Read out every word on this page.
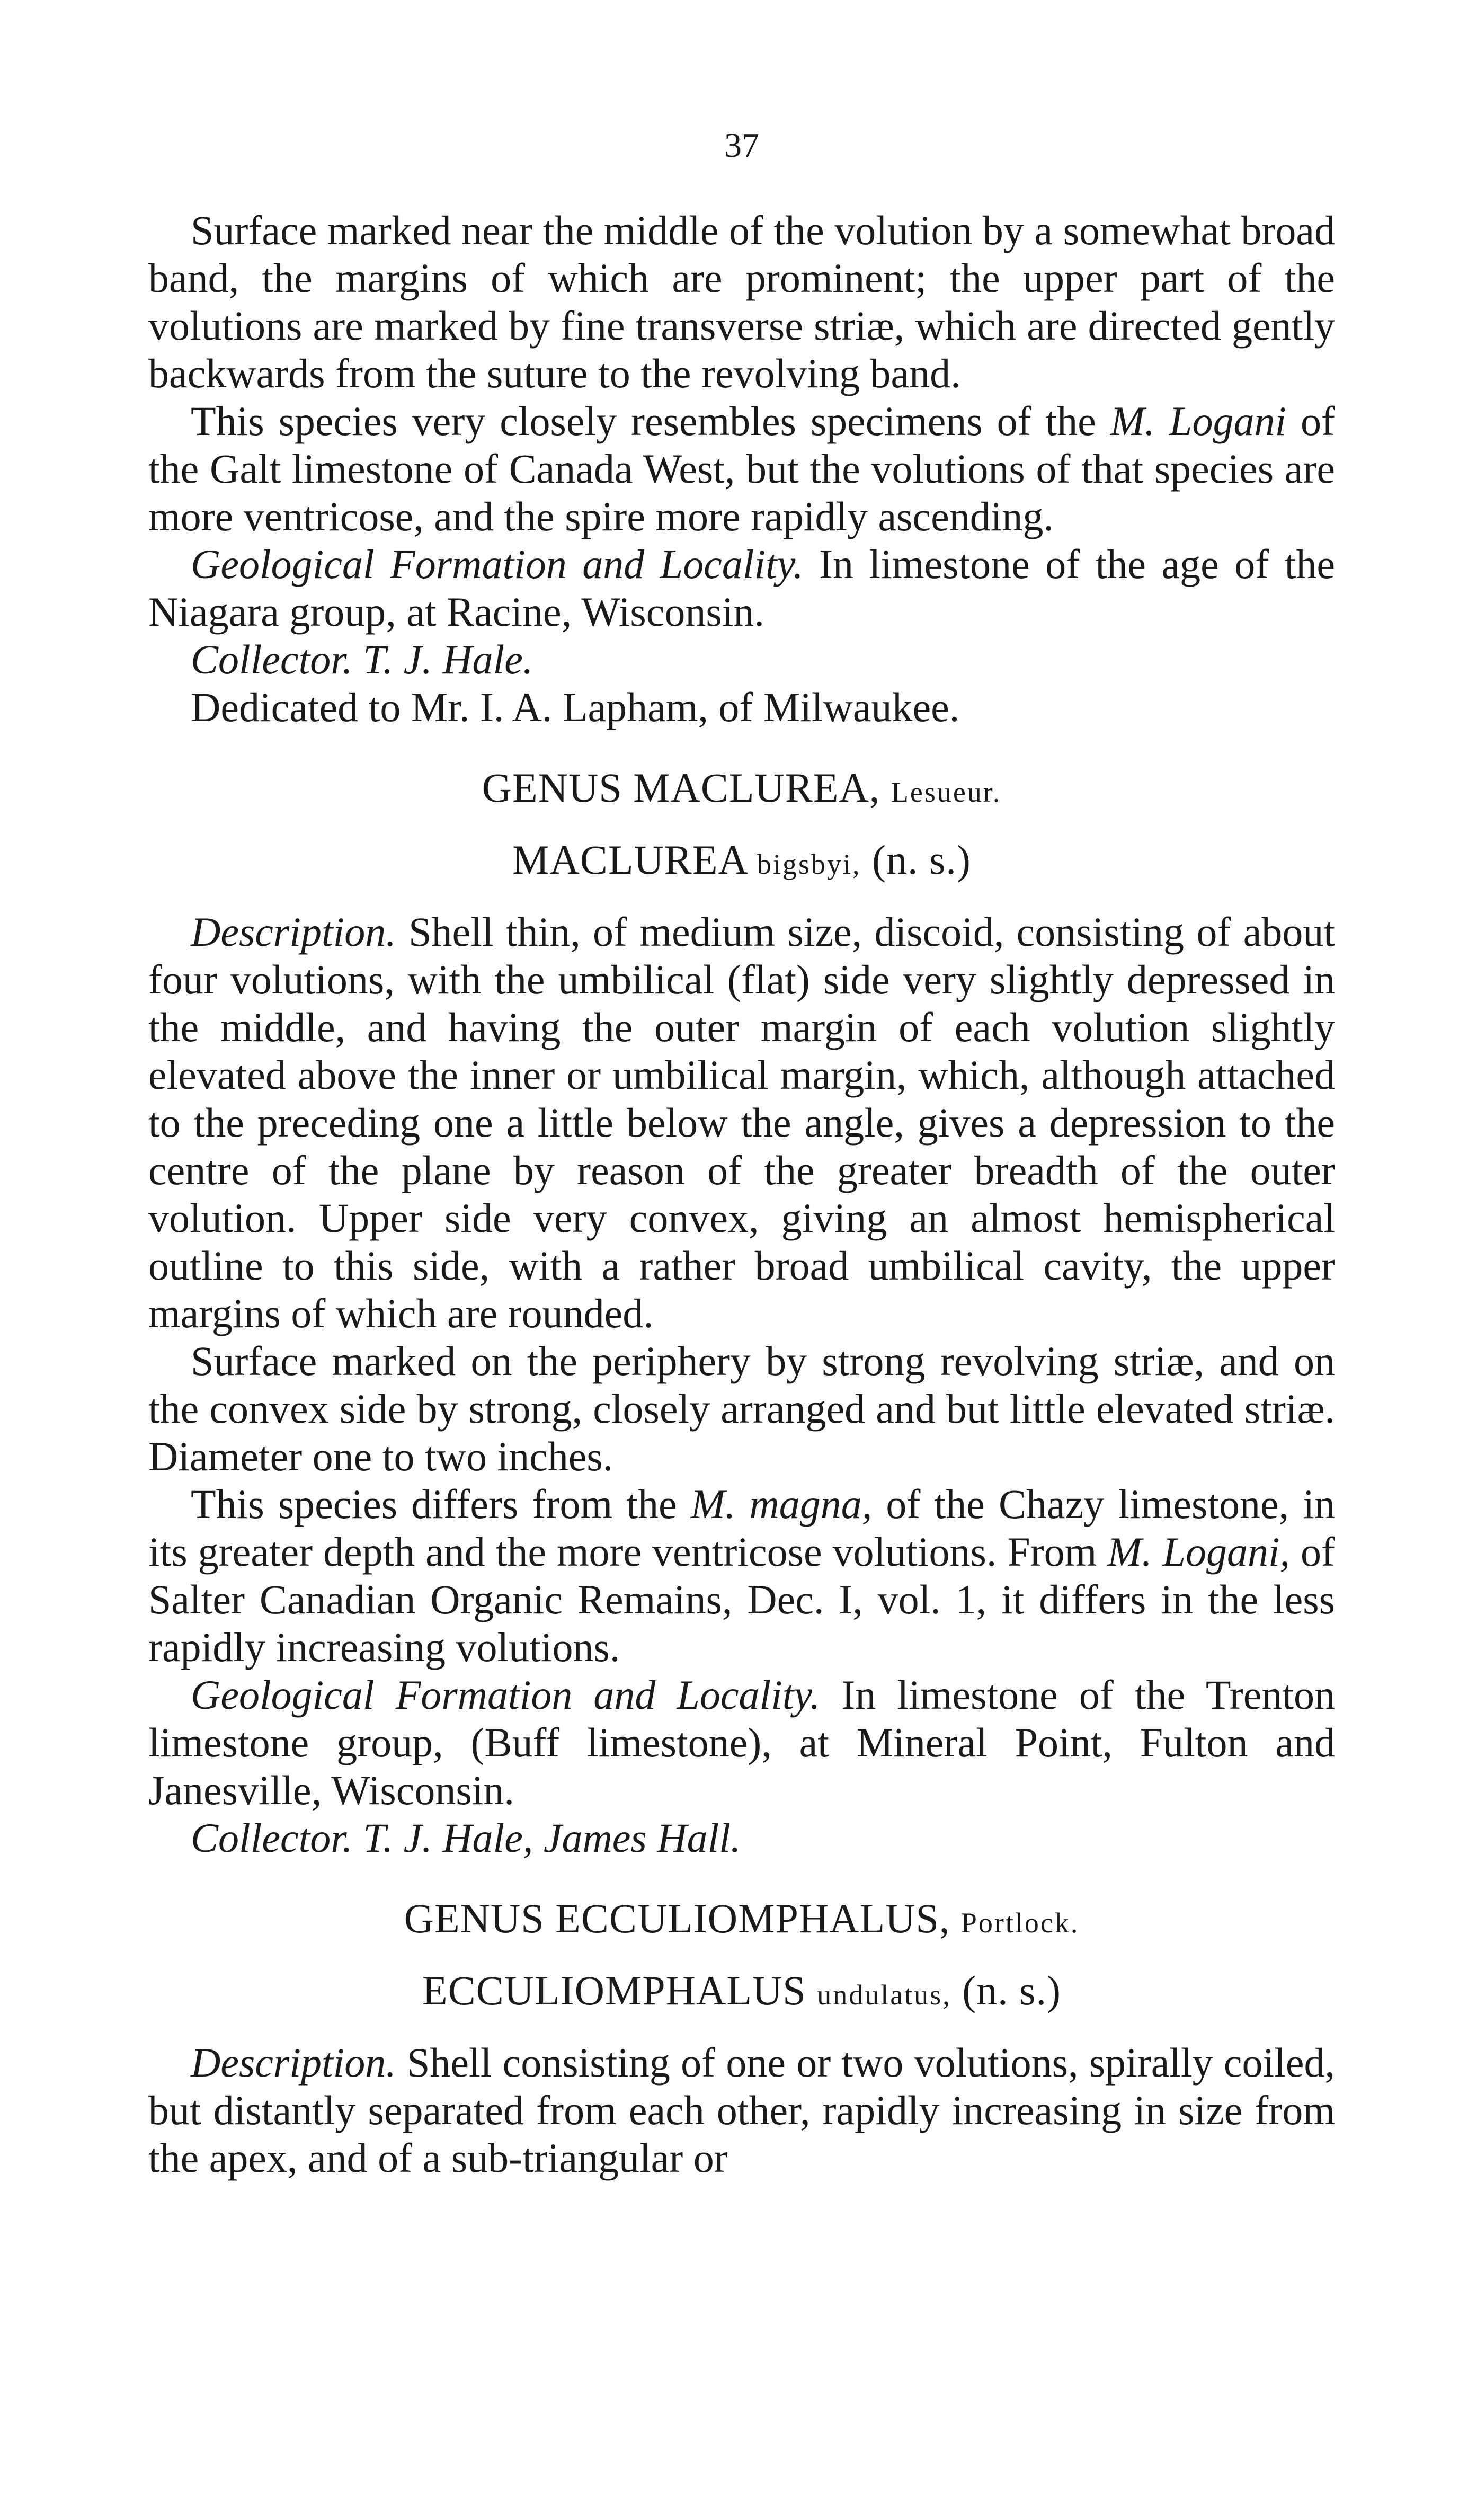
37

Surface marked near the middle of the volution by a somewhat broad band, the margins of which are prominent; the upper part of the volutions are marked by fine transverse striæ, which are directed gently backwards from the suture to the revolving band.

This species very closely resembles specimens of the M. Logani of the Galt limestone of Canada West, but the volutions of that species are more ventricose, and the spire more rapidly ascending.

Geological Formation and Locality. In limestone of the age of the Niagara group, at Racine, Wisconsin.

Collector. T. J. Hale.

Dedicated to Mr. I. A. Lapham, of Milwaukee.

GENUS MACLUREA, Lesueur.

MACLUREA bigsbyi, (n. s.)

Description. Shell thin, of medium size, discoid, consisting of about four volutions, with the umbilical (flat) side very slightly depressed in the middle, and having the outer margin of each volution slightly elevated above the inner or umbilical margin, which, although attached to the preceding one a little below the angle, gives a depression to the centre of the plane by reason of the greater breadth of the outer volution. Upper side very convex, giving an almost hemispherical outline to this side, with a rather broad umbilical cavity, the upper margins of which are rounded.

Surface marked on the periphery by strong revolving striæ, and on the convex side by strong, closely arranged and but little elevated striæ. Diameter one to two inches.

This species differs from the M. magna, of the Chazy limestone, in its greater depth and the more ventricose volutions. From M. Logani, of Salter Canadian Organic Remains, Dec. I, vol. 1, it differs in the less rapidly increasing volutions.

Geological Formation and Locality. In limestone of the Trenton limestone group, (Buff limestone), at Mineral Point, Fulton and Janesville, Wisconsin.

Collector. T. J. Hale, James Hall.

GENUS ECCULIOMPHALUS, Portlock.

ECCULIOMPHALUS undulatus, (n. s.)

Description. Shell consisting of one or two volutions, spirally coiled, but distantly separated from each other, rapidly increasing in size from the apex, and of a sub-triangular or
